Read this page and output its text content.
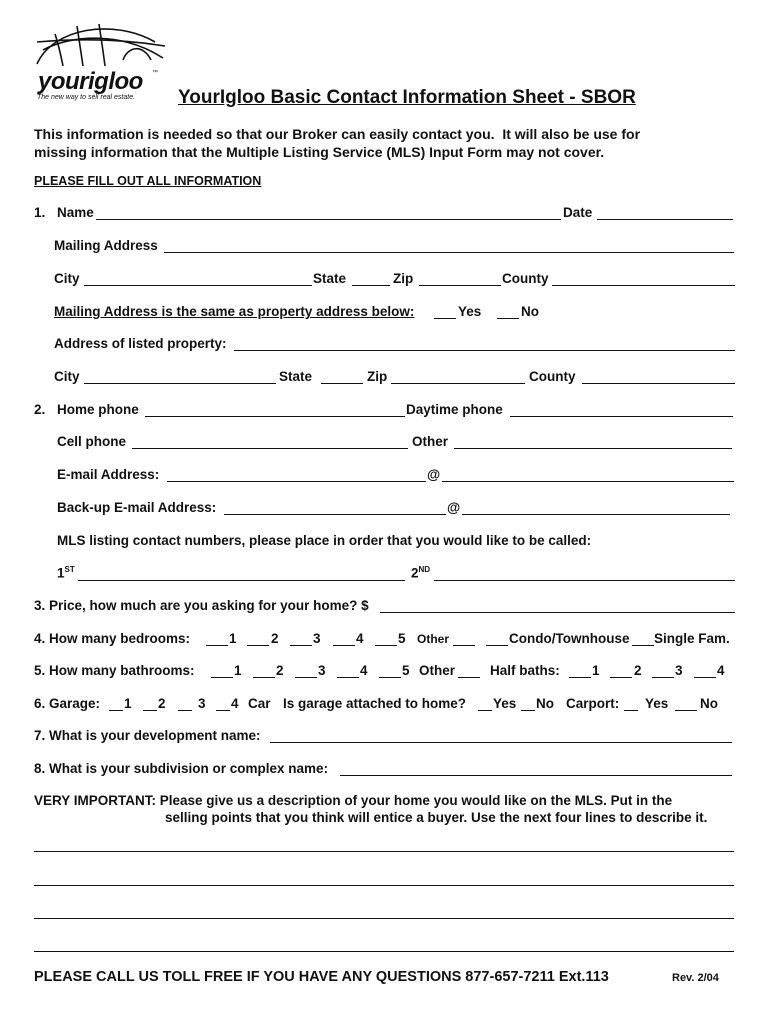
yourigloo ™
The new way to sell real estate. YourIgloo Basic Contact Information Sheet - SBOR
This information is needed so that our Broker can easily contact you.  It will also be use for
missing information that the Multiple Listing Service (MLS) Input Form may not cover.
PLEASE FILL OUT ALL INFORMATION
1. Name	Date
Mailing Address
City	State	Zip	County
Mailing Address is the same as property address below:	Yes	No
Address of listed property:
City	State	Zip	County
2. Home phone	Daytime phone
Cell phone	Other
E-mail Address:	@
Back-up E-mail Address:	@
MLS listing contact numbers, please place in order that you would like to be called:
1ST	2ND
3. Price, how much are you asking for your home? $
4. How many bedrooms:	1	2	3	4	5 Other	Condo/Townhouse Single Fam.
5. How many bathrooms:	1	2	3	4	5 Other	Half baths: 1	2 3	4
6. Garage: 1 2 3 4 Car Is garage attached to home? Yes No Carport: Yes No
7. What is your development name:
8. What is your subdivision or complex name:
VERY IMPORTANT: Please give us a description of your home you would like on the MLS. Put in the
selling points that you think will entice a buyer. Use the next four lines to describe it.
PLEASE CALL US TOLL FREE IF YOU HAVE ANY QUESTIONS 877-657-7211 Ext.113	Rev. 2/04
